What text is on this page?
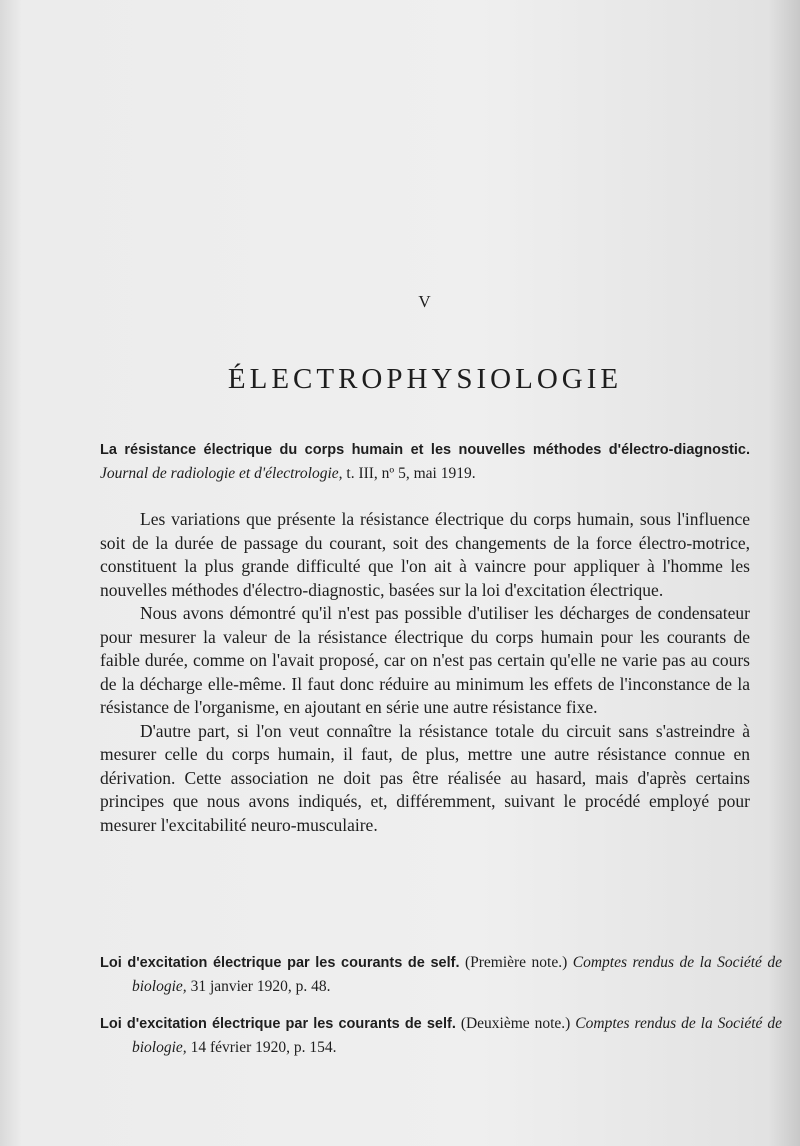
V
ÉLECTROPHYSIOLOGIE
La résistance électrique du corps humain et les nouvelles méthodes d'électro-diagnostic. Journal de radiologie et d'électrologie, t. III, nº 5, mai 1919.

Les variations que présente la résistance électrique du corps humain, sous l'influence soit de la durée de passage du courant, soit des changements de la force électro-motrice, constituent la plus grande difficulté que l'on ait à vaincre pour appliquer à l'homme les nouvelles méthodes d'électro-diagnostic, basées sur la loi d'excitation électrique.

Nous avons démontré qu'il n'est pas possible d'utiliser les décharges de condensateur pour mesurer la valeur de la résistance électrique du corps humain pour les courants de faible durée, comme on l'avait proposé, car on n'est pas certain qu'elle ne varie pas au cours de la décharge elle-même. Il faut donc réduire au minimum les effets de l'inconstance de la résistance de l'organisme, en ajoutant en série une autre résistance fixe.

D'autre part, si l'on veut connaître la résistance totale du circuit sans s'astreindre à mesurer celle du corps humain, il faut, de plus, mettre une autre résistance connue en dérivation. Cette association ne doit pas être réalisée au hasard, mais d'après certains principes que nous avons indiqués, et, différemment, suivant le procédé employé pour mesurer l'excitabilité neuro-musculaire.

Loi d'excitation électrique par les courants de self. (Première note.) Comptes rendus de la Société de biologie, 31 janvier 1920, p. 48.
Loi d'excitation électrique par les courants de self. (Deuxième note.) Comptes rendus de la Société de biologie, 14 février 1920, p. 154.
